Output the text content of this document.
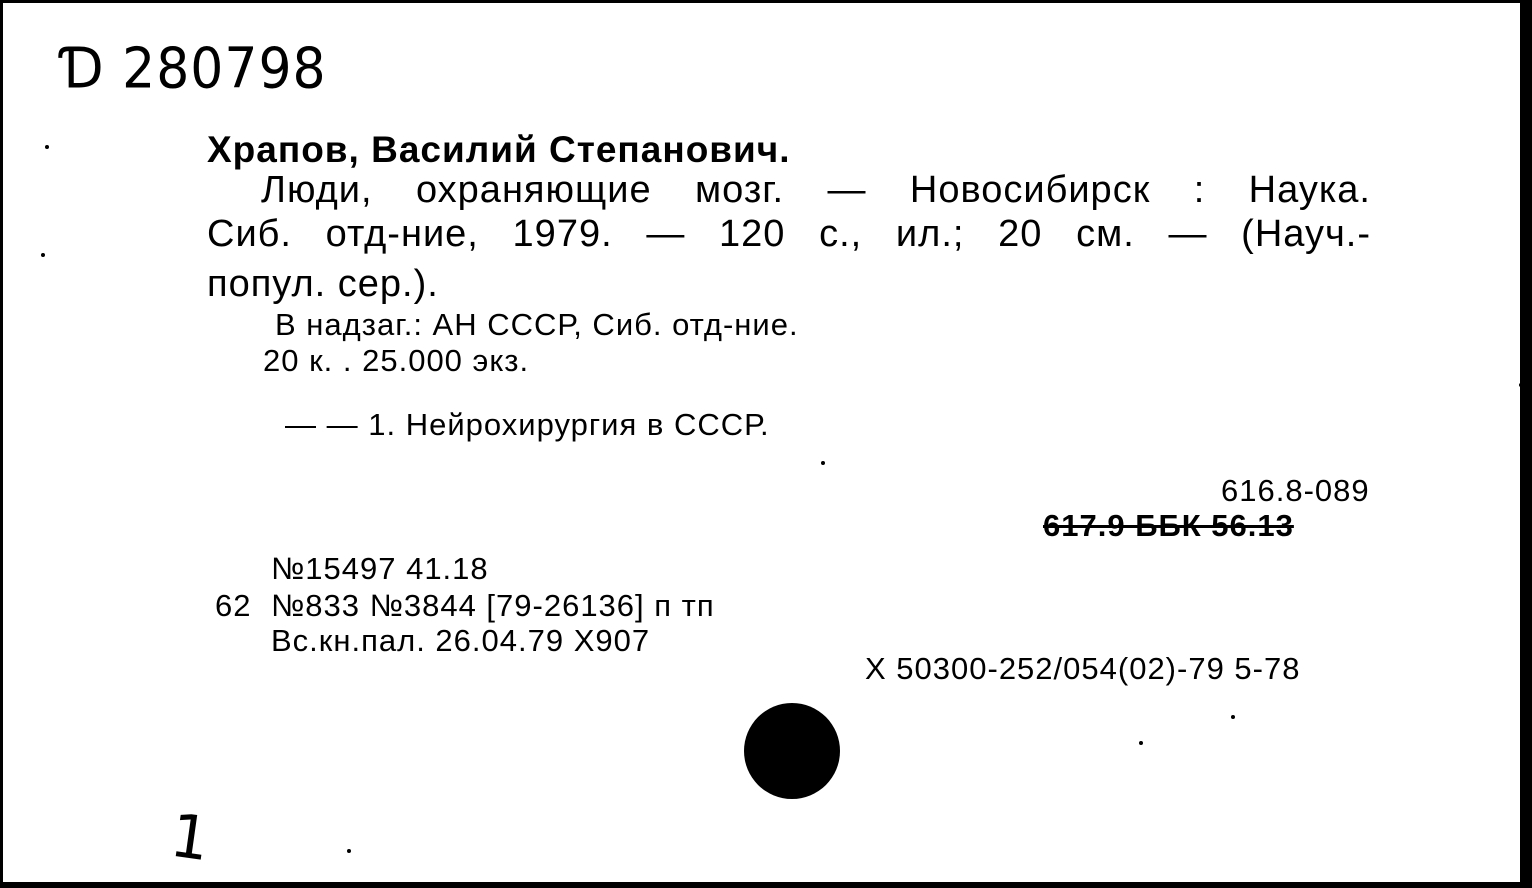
Ɗ 280798
Храпов, Василий Степанович.
Люди, охраняющие мозг. — Новосибирск : Наука.
Сиб. отд-ние, 1979. — 120 с., ил.; 20 см. — (Науч.-
попул. сер.).
В надзаг.: АН СССР, Сиб. отд-ние.
20 к. . 25.000 экз.
— — 1. Нейрохирургия в СССР.
616.8-089
617.9 ББК 56.13
№15497 41.18
62 №833 №3844 [79-26136] п тп
Вс.кн.пал. 26.04.79 Х907
Х 50300-252/054(02)-79 5-78
1
